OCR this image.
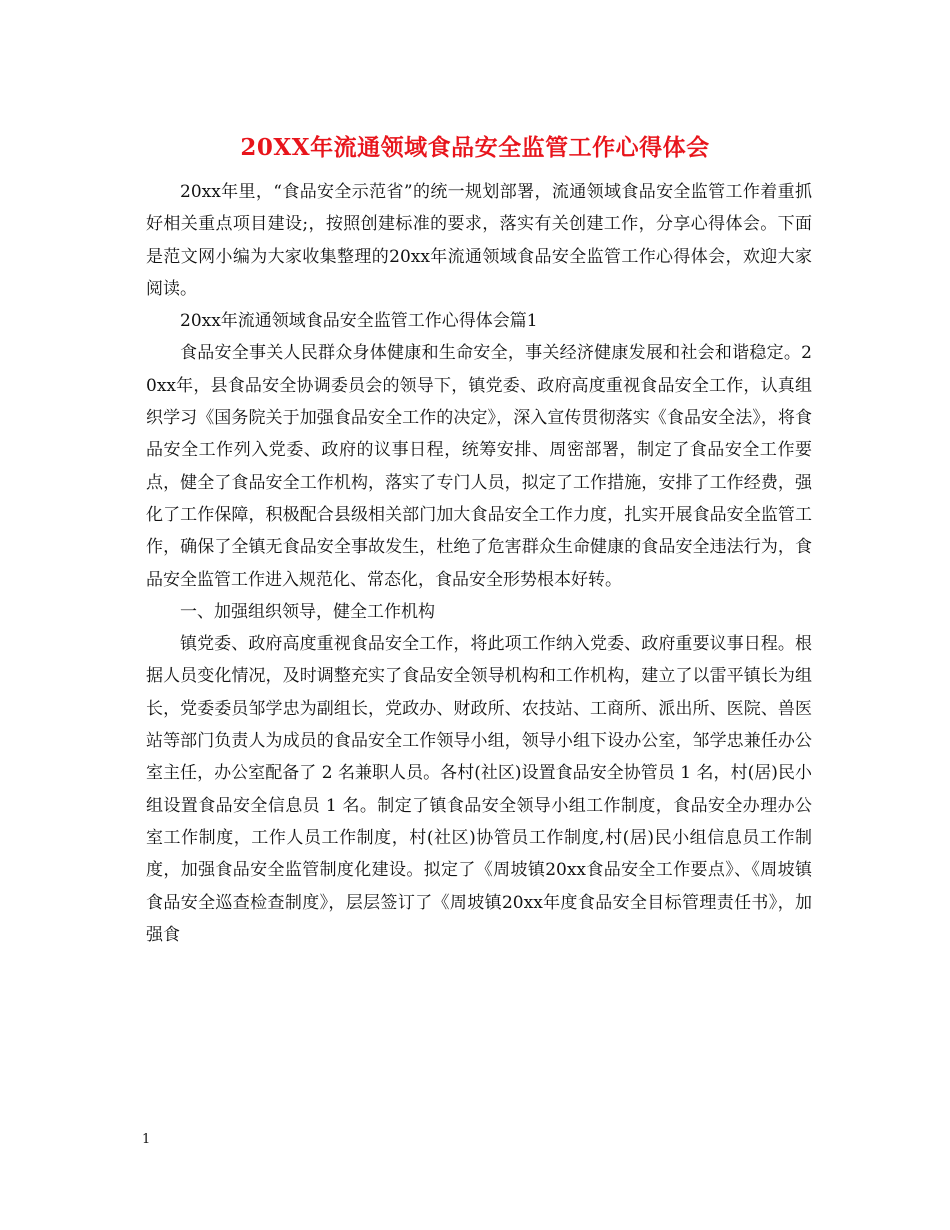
20XX年流通领域食品安全监管工作心得体会

20xx年里，“食品安全示范省”的统一规划部署，流通领域食品安全监管工作着重抓好相关重点项目建设;，按照创建标准的要求，落实有关创建工作，分享心得体会。下面是范文网小编为大家收集整理的20xx年流通领域食品安全监管工作心得体会，欢迎大家阅读。

20xx年流通领域食品安全监管工作心得体会篇1

食品安全事关人民群众身体健康和生命安全，事关经济健康发展和社会和谐稳定。20xx年，县食品安全协调委员会的领导下，镇党委、政府高度重视食品安全工作，认真组织学习《国务院关于加强食品安全工作的决定》，深入宣传贯彻落实《食品安全法》，将食品安全工作列入党委、政府的议事日程，统筹安排、周密部署，制定了食品安全工作要点，健全了食品安全工作机构，落实了专门人员，拟定了工作措施，安排了工作经费，强化了工作保障，积极配合县级相关部门加大食品安全工作力度，扎实开展食品安全监管工作，确保了全镇无食品安全事故发生，杜绝了危害群众生命健康的食品安全违法行为，食品安全监管工作进入规范化、常态化，食品安全形势根本好转。

一、加强组织领导，健全工作机构

镇党委、政府高度重视食品安全工作，将此项工作纳入党委、政府重要议事日程。根据人员变化情况，及时调整充实了食品安全领导机构和工作机构，建立了以雷平镇长为组长，党委委员邹学忠为副组长，党政办、财政所、农技站、工商所、派出所、医院、兽医站等部门负责人为成员的食品安全工作领导小组，领导小组下设办公室，邹学忠兼任办公室主任，办公室配备了 2 名兼职人员。各村(社区)设置食品安全协管员 1 名，村(居)民小组设置食品安全信息员 1 名。制定了镇食品安全领导小组工作制度，食品安全办理办公室工作制度，工作人员工作制度，村(社区)协管员工作制度,村(居)民小组信息员工作制度，加强食品安全监管制度化建设。拟定了《周坡镇20xx食品安全工作要点》、《周坡镇食品安全巡查检查制度》，层层签订了《周坡镇20xx年度食品安全目标管理责任书》，加强食

1
